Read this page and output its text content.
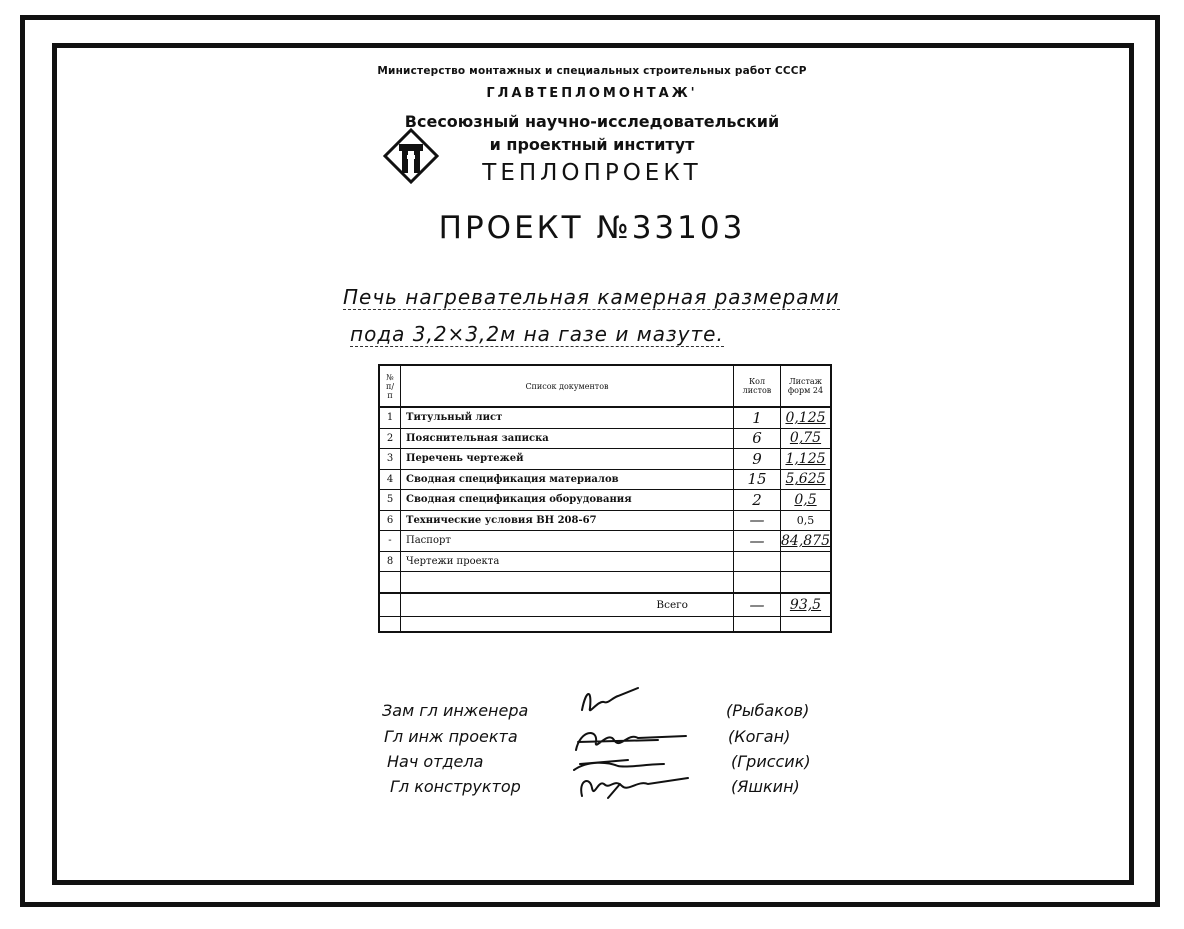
Министерство монтажных и специальных строительных работ СССР
ГЛАВТЕПЛОМОНТАЖ'
Всесоюзный научно-исследовательский
и проектный институт
ТЕПЛОПРОЕКТ
ПРОЕКТ №33103
Печь нагревательная камерная размерами
пода 3,2×3,2м на газе и мазуте.
№ п/п	Список документов	Кол листов	Листаж форм 24
1	Титульный лист	1	0,125
2	Пояснительная записка	6	0,75
3	Перечень чертежей	9	1,125
4	Сводная спецификация материалов	15	5,625
5	Сводная спецификация оборудования	2	0,5
6	Технические условия ВН 208-67	—	0,5
-	Паспорт	—	84,875
8	Чертежи проекта		

	Всего	—	93,5

Зам гл инженера
Гл инж проекта
Нач отдела
Гл конструктор
(Рыбаков)
(Коган)
(Гриссик)
(Яшкин)
